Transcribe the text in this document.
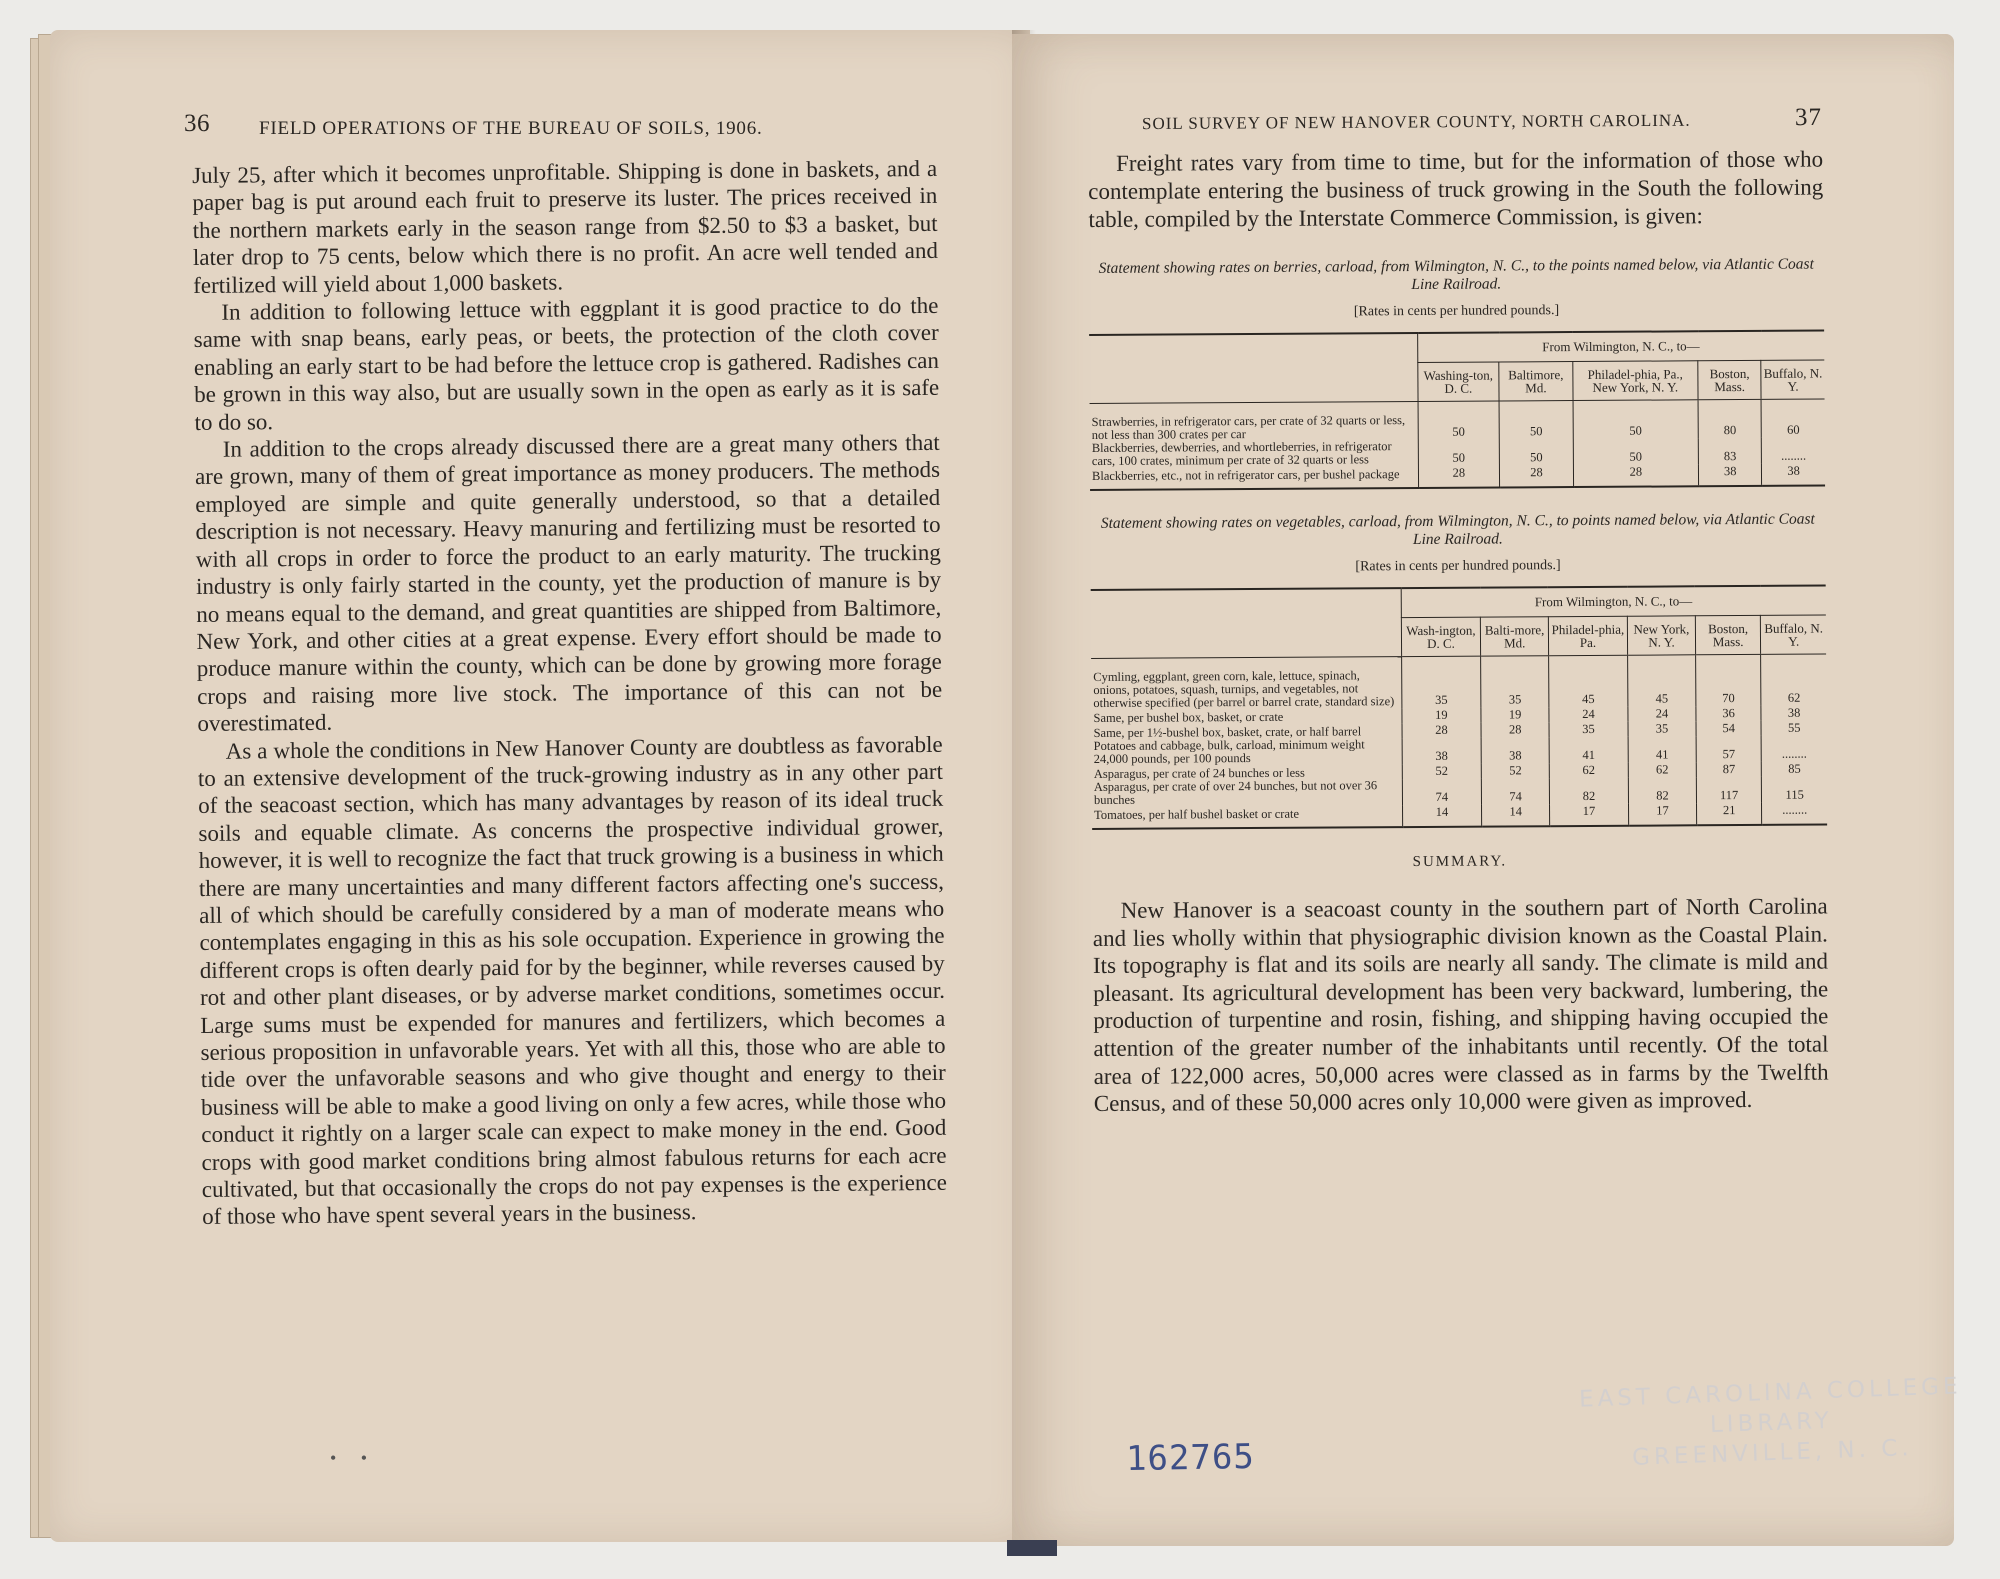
36	FIELD OPERATIONS OF THE BUREAU OF SOILS, 1906.

July 25, after which it becomes unprofitable. Shipping is done in baskets, and a paper bag is put around each fruit to preserve its luster. The prices received in the northern markets early in the season range from $2.50 to $3 a basket, but later drop to 75 cents, below which there is no profit. An acre well tended and fertilized will yield about 1,000 baskets.

In addition to following lettuce with eggplant it is good practice to do the same with snap beans, early peas, or beets, the protection of the cloth cover enabling an early start to be had before the lettuce crop is gathered. Radishes can be grown in this way also, but are usually sown in the open as early as it is safe to do so.

In addition to the crops already discussed there are a great many others that are grown, many of them of great importance as money producers. The methods employed are simple and quite generally understood, so that a detailed description is not necessary. Heavy manuring and fertilizing must be resorted to with all crops in order to force the product to an early maturity. The trucking industry is only fairly started in the county, yet the production of manure is by no means equal to the demand, and great quantities are shipped from Baltimore, New York, and other cities at a great expense. Every effort should be made to produce manure within the county, which can be done by growing more forage crops and raising more live stock. The importance of this can not be overestimated.

As a whole the conditions in New Hanover County are doubtless as favorable to an extensive development of the truck-growing industry as in any other part of the seacoast section, which has many advantages by reason of its ideal truck soils and equable climate. As concerns the prospective individual grower, however, it is well to recognize the fact that truck growing is a business in which there are many uncertainties and many different factors affecting one's success, all of which should be carefully considered by a man of moderate means who contemplates engaging in this as his sole occupation. Experience in growing the different crops is often dearly paid for by the beginner, while reverses caused by rot and other plant diseases, or by adverse market conditions, sometimes occur. Large sums must be expended for manures and fertilizers, which becomes a serious proposition in unfavorable years. Yet with all this, those who are able to tide over the unfavorable seasons and who give thought and energy to their business will be able to make a good living on only a few acres, while those who conduct it rightly on a larger scale can expect to make money in the end. Good crops with good market conditions bring almost fabulous returns for each acre cultivated, but that occasionally the crops do not pay expenses is the experience of those who have spent several years in the business.

• •
SOIL SURVEY OF NEW HANOVER COUNTY, NORTH CAROLINA.	37

Freight rates vary from time to time, but for the information of those who contemplate entering the business of truck growing in the South the following table, compiled by the Interstate Commerce Commission, is given:

Statement showing rates on berries, carload, from Wilmington, N. C., to the points named below, via Atlantic Coast Line Railroad.
[Rates in cents per hundred pounds.]
	From Wilmington, N. C., to—				
	Washing-ton, D. C.	Baltimore, Md.	Philadel-phia, Pa., New York, N. Y.	Boston, Mass.	Buffalo, N. Y.
Strawberries, in refrigerator cars, per crate of 32 quarts or less, not less than 300 crates per car	50	50	50	80	60
Blackberries, dewberries, and whortleberries, in refrigerator cars, 100 crates, minimum per crate of 32 quarts or less	50	50	50	83	........
Blackberries, etc., not in refrigerator cars, per bushel package	28	28	28	38	38
Statement showing rates on vegetables, carload, from Wilmington, N. C., to points named below, via Atlantic Coast Line Railroad.
[Rates in cents per hundred pounds.]
	From Wilmington, N. C., to—					
	Wash-ington, D. C.	Balti-more, Md.	Philadel-phia, Pa.	New York, N. Y.	Boston, Mass.	Buffalo, N. Y.
Cymling, eggplant, green corn, kale, lettuce, spinach, onions, potatoes, squash, turnips, and vegetables, not otherwise specified (per barrel or barrel crate, standard size)	35	35	45	45	70	62
Same, per bushel box, basket, or crate	19	19	24	24	36	38
Same, per 1½-bushel box, basket, crate, or half barrel	28	28	35	35	54	55
Potatoes and cabbage, bulk, carload, minimum weight 24,000 pounds, per 100 pounds	38	38	41	41	57	........
Asparagus, per crate of 24 bunches or less	52	52	62	62	87	85
Asparagus, per crate of over 24 bunches, but not over 36 bunches	74	74	82	82	117	115
Tomatoes, per half bushel basket or crate	14	14	17	17	21	........
SUMMARY.

New Hanover is a seacoast county in the southern part of North Carolina and lies wholly within that physiographic division known as the Coastal Plain. Its topography is flat and its soils are nearly all sandy. The climate is mild and pleasant. Its agricultural development has been very backward, lumbering, the production of turpentine and rosin, fishing, and shipping having occupied the attention of the greater number of the inhabitants until recently. Of the total area of 122,000 acres, 50,000 acres were classed as in farms by the Twelfth Census, and of these 50,000 acres only 10,000 were given as improved.

162765
EAST CAROLINA COLLEGE
LIBRARY
GREENVILLE, N. C.
